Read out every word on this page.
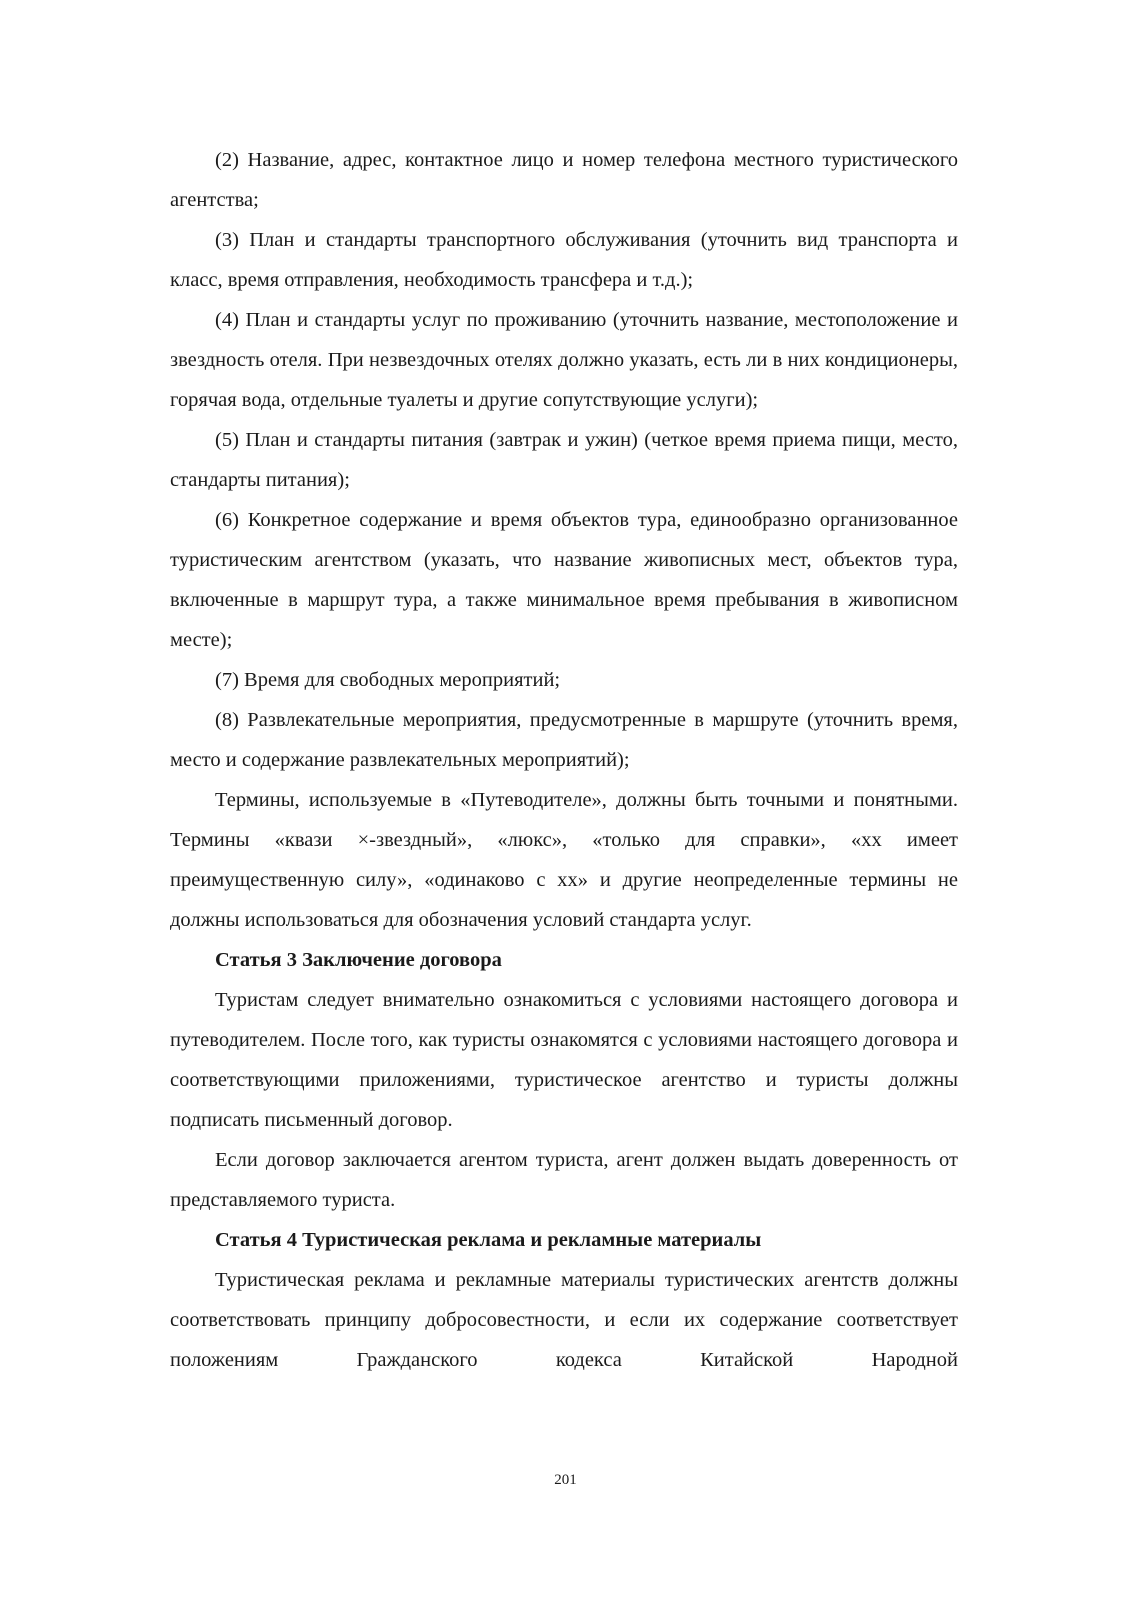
(2) Название, адрес, контактное лицо и номер телефона местного туристического агентства;

(3) План и стандарты транспортного обслуживания (уточнить вид транспорта и класс, время отправления, необходимость трансфера и т.д.);

(4) План и стандарты услуг по проживанию (уточнить название, местоположение и звездность отеля. При незвездочных отелях должно указать, есть ли в них кондиционеры, горячая вода, отдельные туалеты и другие сопутствующие услуги);

(5) План и стандарты питания (завтрак и ужин) (четкое время приема пищи, место, стандарты питания);

(6) Конкретное содержание и время объектов тура, единообразно организованное туристическим агентством (указать, что название живописных мест, объектов тура, включенные в маршрут тура, а также минимальное время пребывания в живописном месте);

(7) Время для свободных мероприятий;

(8) Развлекательные мероприятия, предусмотренные в маршруте (уточнить время, место и содержание развлекательных мероприятий);

Термины, используемые в «Путеводителе», должны быть точными и понятными. Термины «квази ×-звездный», «люкс», «только для справки», «хх имеет преимущественную силу», «одинаково с хх» и другие неопределенные термины не должны использоваться для обозначения условий стандарта услуг.

Статья 3 Заключение договора

Туристам следует внимательно ознакомиться с условиями настоящего договора и путеводителем. После того, как туристы ознакомятся с условиями настоящего договора и соответствующими приложениями, туристическое агентство и туристы должны подписать письменный договор.

Если договор заключается агентом туриста, агент должен выдать доверенность от представляемого туриста.

Статья 4 Туристическая реклама и рекламные материалы

Туристическая реклама и рекламные материалы туристических агентств должны соответствовать принципу добросовестности, и если их содержание соответствует положениям Гражданского кодекса Китайской Народной

201
